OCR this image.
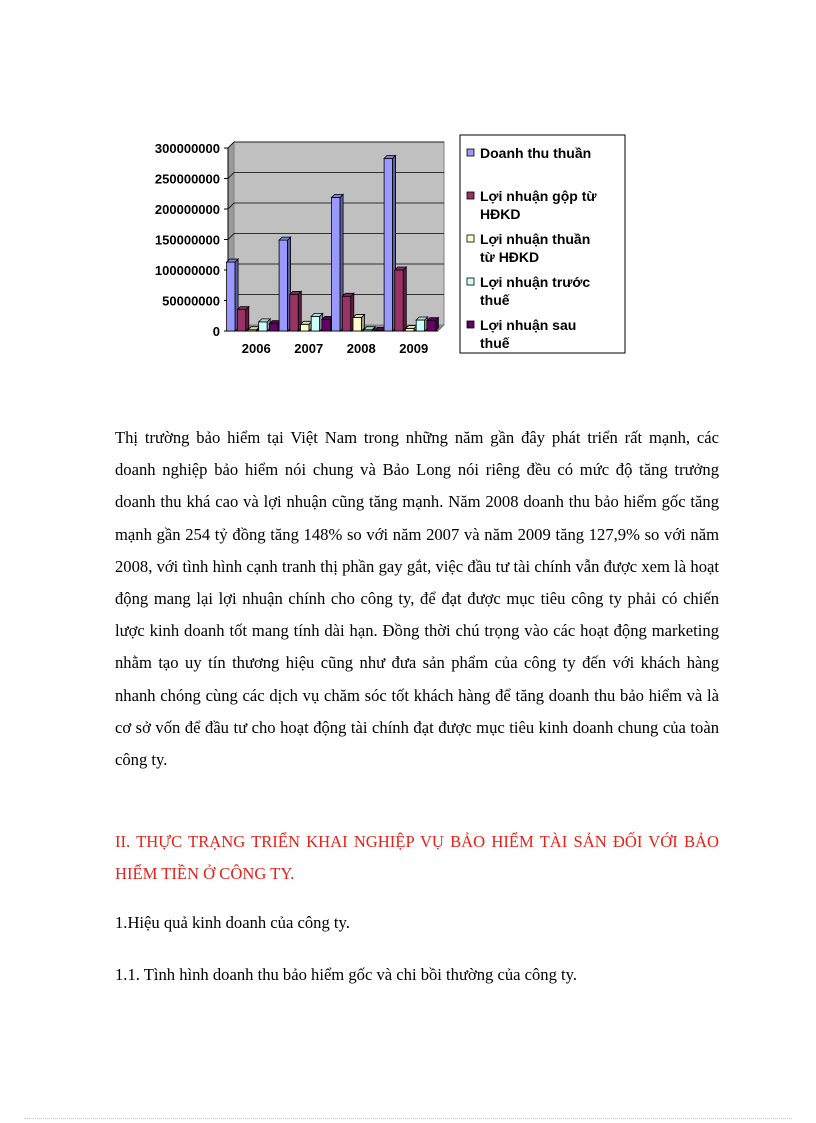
0
50000000
100000000
150000000
200000000
250000000
300000000
2006 2007 2008 2009
Doanh thu thuần
Lợi nhuận gộp từ
HĐKD
Lợi nhuận thuần
từ HĐKD
Lợi nhuận trước
thuế
Lợi nhuận sau
thuế

Thị trường bảo hiểm tại Việt Nam trong những năm gần đây phát triển rất mạnh, các doanh nghiệp bảo hiểm nói chung và Bảo Long nói riêng đều có mức độ tăng trưởng doanh thu khá cao và lợi nhuận cũng tăng mạnh. Năm 2008 doanh thu bảo hiểm gốc tăng mạnh gần 254 tỷ đồng tăng 148% so với năm 2007 và năm 2009 tăng 127,9% so với năm 2008, với tình hình cạnh tranh thị phần gay gắt, việc đầu tư tài chính vẫn được xem là hoạt động mang lại lợi nhuận chính cho công ty, để đạt được mục tiêu công ty phải có chiến lược kinh doanh tốt mang tính dài hạn. Đồng thời chú trọng vào các hoạt động marketing nhằm tạo uy tín thương hiệu cũng như đưa sản phẩm của công ty đến với khách hàng nhanh chóng cùng các dịch vụ chăm sóc tốt khách hàng để tăng doanh thu bảo hiểm và là cơ sở vốn để đầu tư cho hoạt động tài chính đạt được mục tiêu kinh doanh chung của toàn công ty.

II. THỰC TRẠNG TRIỂN KHAI NGHIỆP VỤ BẢO HIỂM TÀI SẢN ĐỐI VỚI BẢO HIỂM TIỀN Ở CÔNG TY.
1.Hiệu quả kinh doanh của công ty.
1.1. Tình hình doanh thu bảo hiểm gốc và chi bồi thường của công ty.
